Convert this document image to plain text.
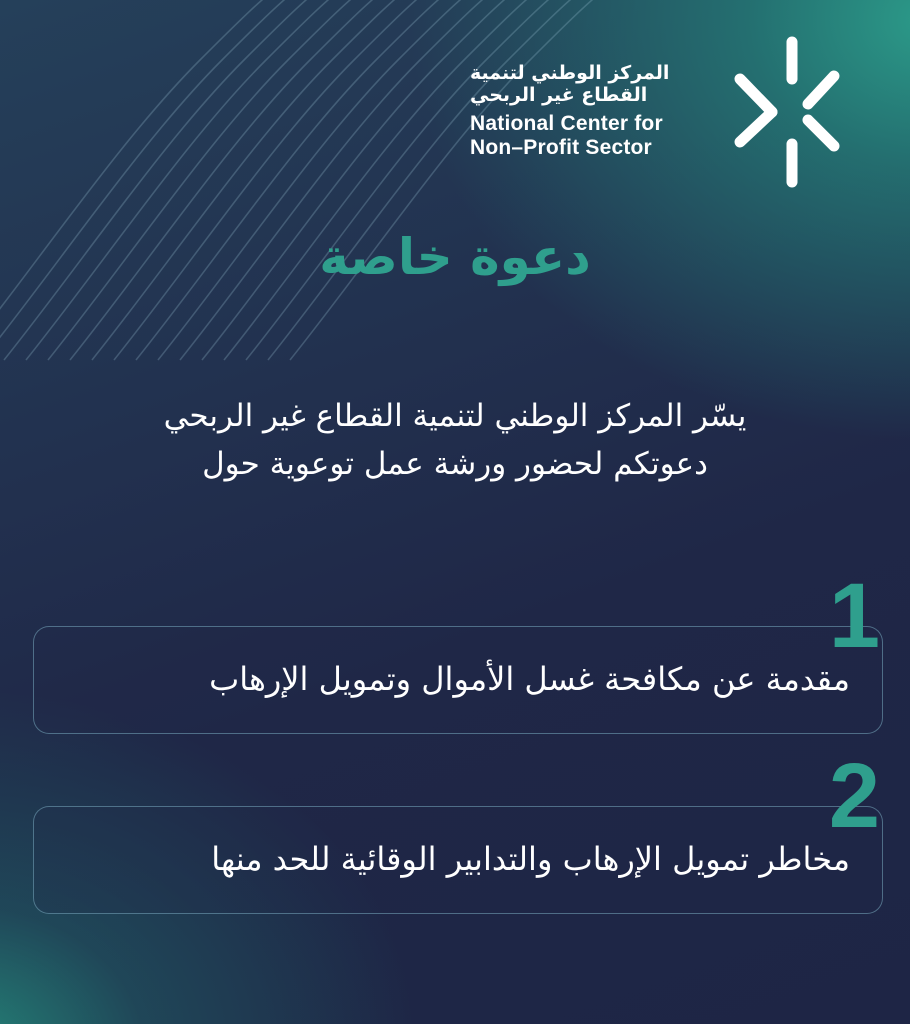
المركز الوطني لتنمية
القطاع غير الربحي
National Center for
Non–Profit Sector
دعوة خاصة
يسّر المركز الوطني لتنمية القطاع غير الربحي
دعوتكم لحضور ورشة عمل توعوية حول
مقدمة عن مكافحة غسل الأموال وتمويل الإرهاب
1
مخاطر تمويل الإرهاب والتدابير الوقائية للحد منها
2
